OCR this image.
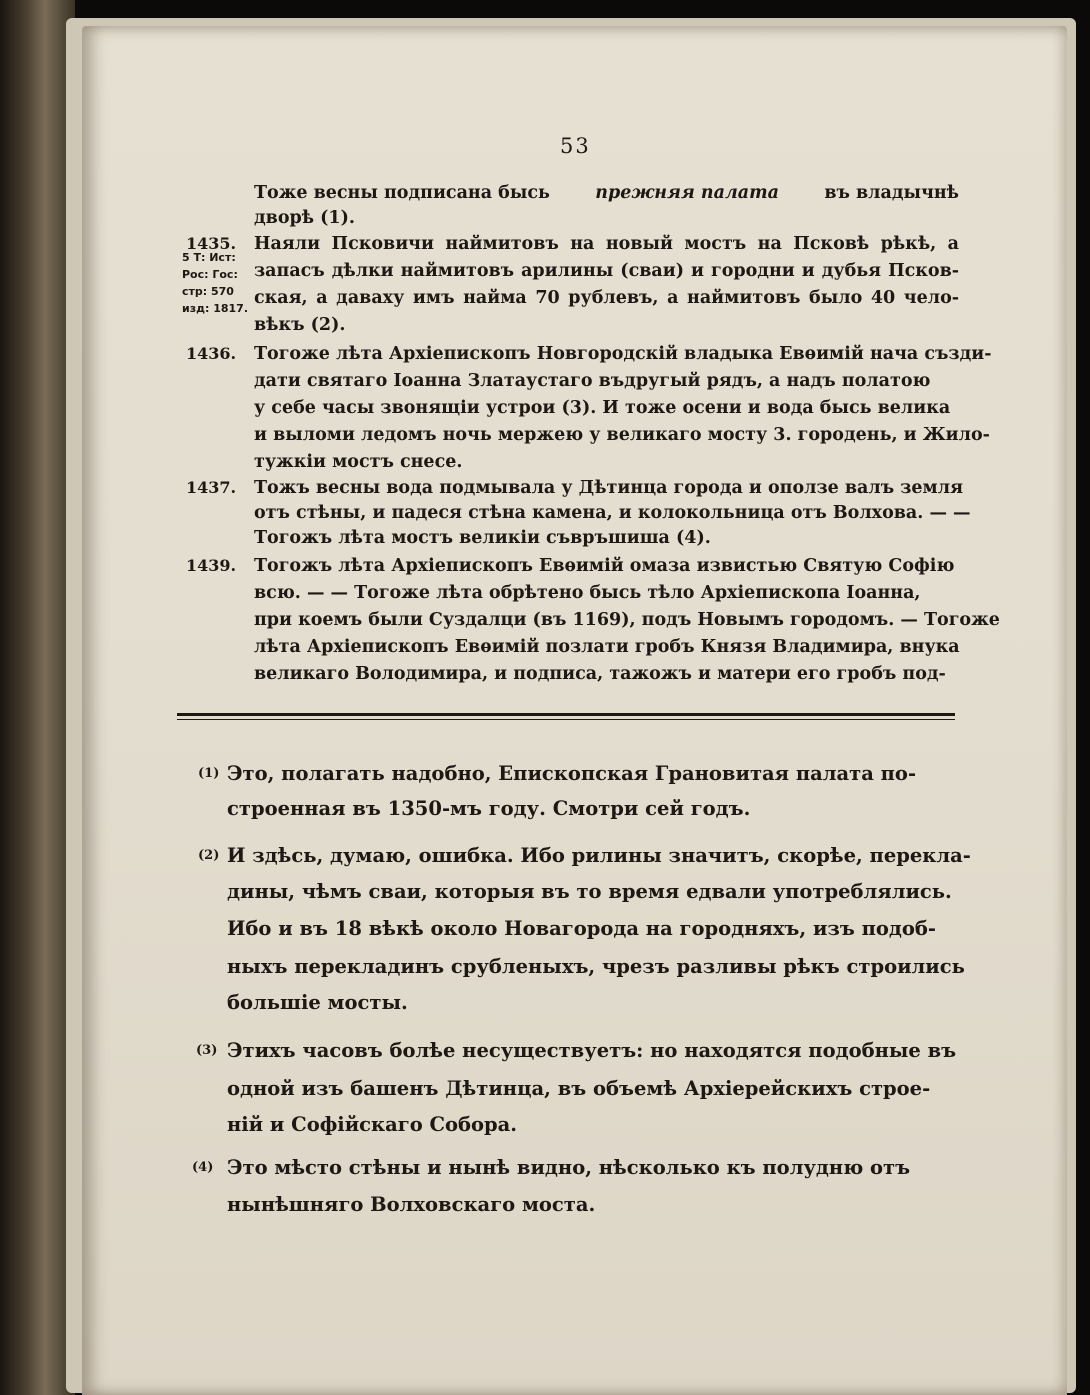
53
Тоже весны подписана бысь	прежняя палата	въ владычнѣ
дворѣ (1).
1435. Наяли Псковичи наймитовъ на новый мостъ на Псковѣ рѣкѣ, а
запасъ дѣлки наймитовъ арилины (сваи) и городни и дубья Псков-
ская, а даваху имъ найма 70 рублевъ, а наймитовъ было 40 чело-
вѣкъ (2).
5 Т: Ист:
Рос: Гос:
стр: 570
изд: 1817.
1436. Тогоже лѣта Архіепископъ Новгородскій владыка Евѳимій нача създи-
дати святаго Іоанна Златаустаго въдругый рядъ, а надъ полатою
у себе часы звонящіи устрои (3). И тоже осени и вода бысь велика
и выломи ледомъ ночь мержею у великаго мосту 3. городень, и Жило-
тужкіи мостъ снесе.
1437. Тожъ весны вода подмывала у Дѣтинца города и оползе валъ земля
отъ стѣны, и падеся стѣна камена, и колокольница отъ Волхова. — —
Тогожъ лѣта мостъ великіи съвръшиша (4).
1439. Тогожъ лѣта Архіепископъ Евѳимій омаза извистью Святую Софію
всю. — — Тогоже лѣта обрѣтено бысь тѣло Архіепископа Іоанна,
при коемъ были Суздалци (въ 1169), подъ Новымъ городомъ. — Тогоже
лѣта Архіепископъ Евѳимій позлати гробъ Князя Владимира, внука
великаго Володимира, и подписа, тажожъ и матери его гробъ под-
(1) Это, полагать надобно, Епископская Грановитая палата по-
строенная въ 1350-мъ году. Смотри сей годъ.
(2) И здѣсь, думаю, ошибка. Ибо рилины значитъ, скорѣе, перекла-
дины, чѣмъ сваи, которыя въ то время едвали употреблялись.
Ибо и въ 18 вѣкѣ около Новагорода на городняхъ, изъ подоб-
ныхъ перекладинъ срубленыхъ, чрезъ разливы рѣкъ строились
большіе мосты.
(3) Этихъ часовъ болѣе несуществуетъ: но находятся подобные въ
одной изъ башенъ Дѣтинца, въ объемѣ Архіерейскихъ строе-
ній и Софійскаго Собора.
(4) Это мѣсто стѣны и нынѣ видно, нѣсколько къ полудню отъ
нынѣшняго Волховскаго моста.
